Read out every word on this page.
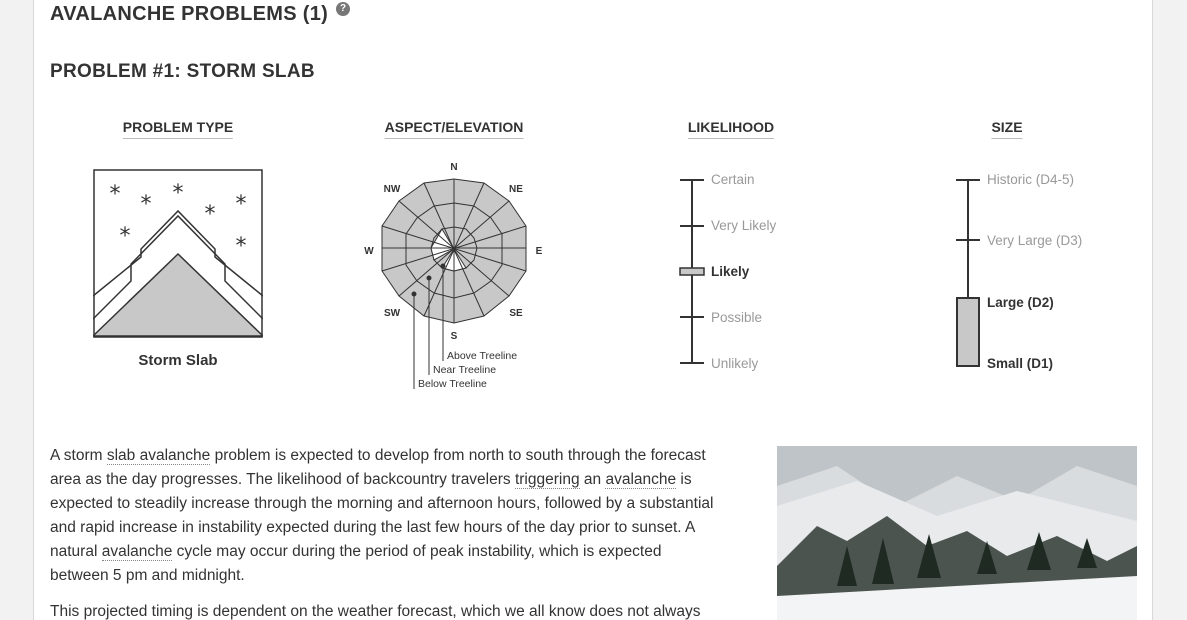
AVALANCHE PROBLEMS (1)	?
PROBLEM #1: STORM SLAB
PROBLEM TYPE	ASPECT/ELEVATION	LIKELIHOOD	SIZE
* * *
* *
*	*
Storm Slab
N
NE
E
SE
S
SW
W
NW
Above Treeline
Near Treeline
Below Treeline
Certain
Very Likely
Likely
Possible
Unlikely
Historic (D4-5)
Very Large (D3)
Large (D2)
Small (D1)

A storm slab avalanche problem is expected to develop from north to south through the forecast area as the day progresses. The likelihood of backcountry travelers triggering an avalanche is expected to steadily increase through the morning and afternoon hours, followed by a substantial and rapid increase in instability expected during the last few hours of the day prior to sunset. A natural avalanche cycle may occur during the period of peak instability, which is expected between 5 pm and midnight.

This projected timing is dependent on the weather forecast, which we all know does not always
